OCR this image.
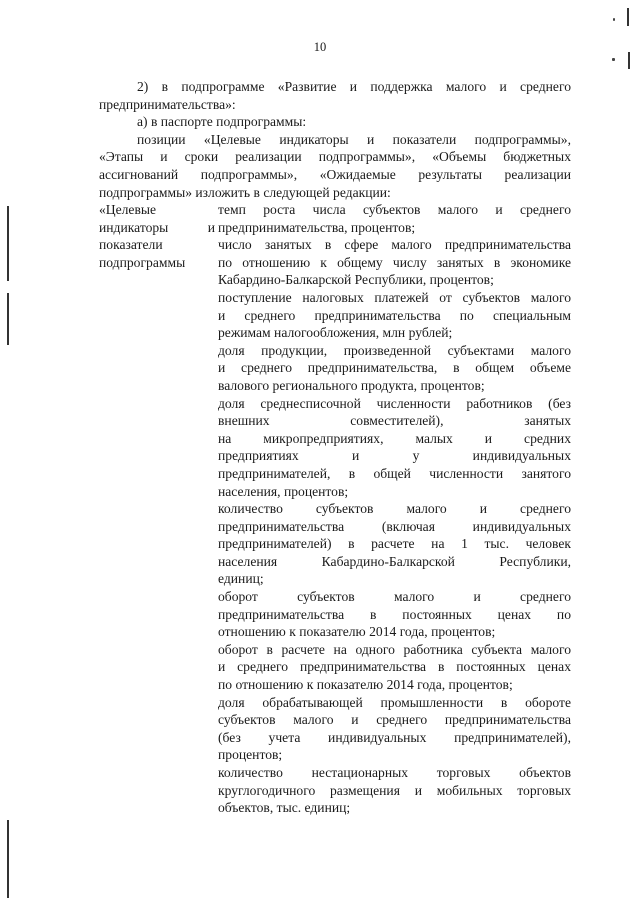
10
2) в подпрограмме «Развитие и поддержка малого и среднего
предпринимательства»:
а) в паспорте подпрограммы:
позиции «Целевые индикаторы и показатели подпрограммы»,
«Этапы и сроки реализации подпрограммы», «Объемы бюджетных
ассигнований подпрограммы», «Ожидаемые результаты реализации
подпрограммы» изложить в следующей редакции:
«Целевые
индикаторы и
показатели
подпрограммы
темп роста числа субъектов малого и среднего
предпринимательства, процентов;
число занятых в сфере малого предпринимательства
по отношению к общему числу занятых в экономике
Кабардино-Балкарской Республики, процентов;
поступление налоговых платежей от субъектов малого
и среднего предпринимательства по специальным
режимам налогообложения, млн рублей;
доля продукции, произведенной субъектами малого
и среднего предпринимательства, в общем объеме
валового регионального продукта, процентов;
доля среднесписочной численности работников (без
внешних совместителей), занятых
на микропредприятиях, малых и средних
предприятиях и у индивидуальных
предпринимателей, в общей численности занятого
населения, процентов;
количество субъектов малого и среднего
предпринимательства (включая индивидуальных
предпринимателей) в расчете на 1 тыс. человек
населения Кабардино-Балкарской Республики,
единиц;
оборот субъектов малого и среднего
предпринимательства в постоянных ценах по
отношению к показателю 2014 года, процентов;
оборот в расчете на одного работника субъекта малого
и среднего предпринимательства в постоянных ценах
по отношению к показателю 2014 года, процентов;
доля обрабатывающей промышленности в обороте
субъектов малого и среднего предпринимательства
(без учета индивидуальных предпринимателей),
процентов;
количество нестационарных торговых объектов
круглогодичного размещения и мобильных торговых
объектов, тыс. единиц;
